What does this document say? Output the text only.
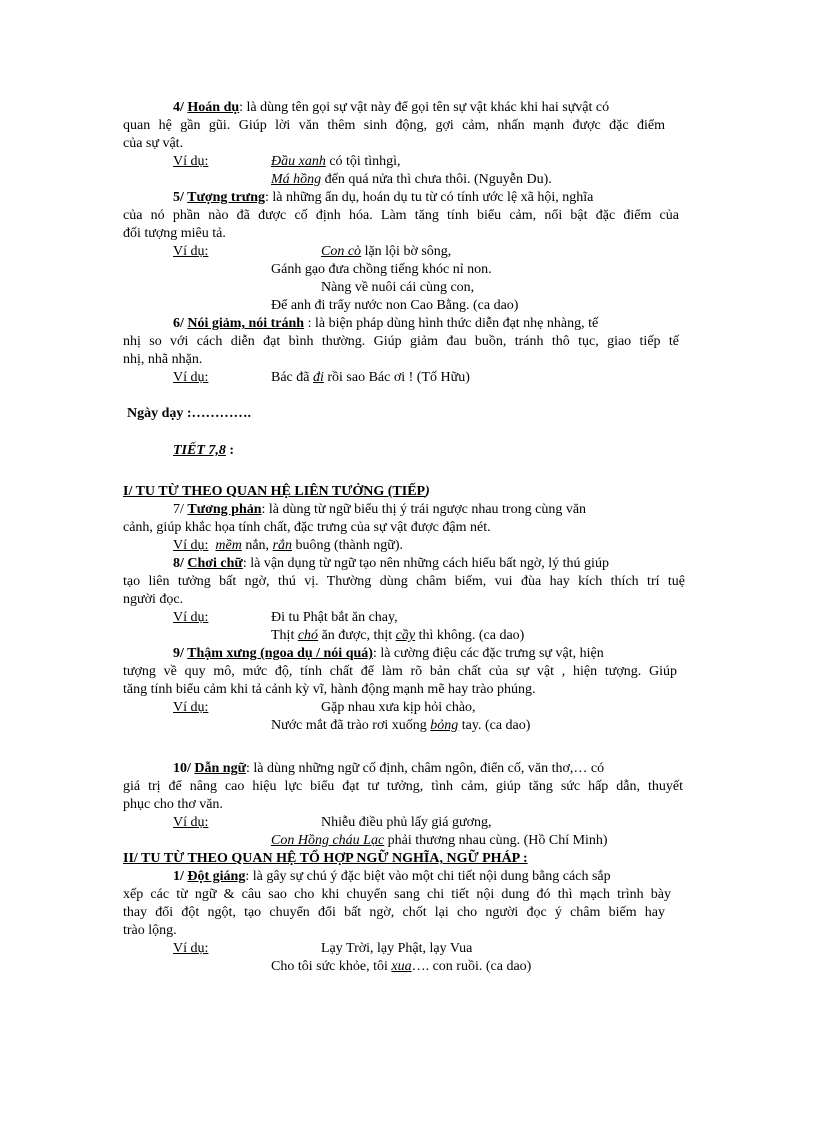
4/ Hoán dụ: là dùng tên gọi sự vật này để gọi tên sự vật khác khi hai sựvật có
quan hệ gần gũi. Giúp lời văn thêm sinh động, gợi cảm, nhấn mạnh được đặc điểm
của sự vật.
Ví dụ:	Đầu xanh có tội tìnhgì,
Má hồng đến quá nửa thì chưa thôi. (Nguyễn Du).
5/ Tượng trưng: là những ẩn dụ, hoán dụ tu từ có tính ước lệ xã hội, nghĩa
của nó phần nào đã được cố định hóa. Làm tăng tính biểu cảm, nổi bật đặc điểm của
đối tượng miêu tả.
Ví dụ:	Con cò lặn lội bờ sông,
Gánh gạo đưa chồng tiếng khóc nỉ non.
Nàng về nuôi cái cùng con,
Để anh đi trẩy nước non Cao Bằng. (ca dao)
6/ Nói giảm, nói tránh : là biện pháp dùng hình thức diễn đạt nhẹ nhàng, tế
nhị so với cách diễn đạt bình thường. Giúp giảm đau buồn, tránh thô tục, giao tiếp tế
nhị, nhã nhặn.
Ví dụ:	Bác đã đi rồi sao Bác ơi ! (Tố Hữu)
Ngày dạy :………….
TIẾT 7,8 :
I/ TU TỪ THEO QUAN HỆ LIÊN TƯỞNG (TIẾP)
7/ Tương phản: là dùng từ ngữ biểu thị ý trái ngược nhau trong cùng văn
cảnh, giúp khắc họa tính chất, đặc trưng của sự vật được đậm nét.
Ví dụ: mềm nắn, rắn buông (thành ngữ).
8/ Chơi chữ: là vận dụng từ ngữ tạo nên những cách hiểu bất ngờ, lý thú giúp
tạo liên tưởng bất ngờ, thú vị. Thường dùng châm biếm, vui đùa hay kích thích trí tuệ
người đọc.
Ví dụ:	Đi tu Phật bắt ăn chay,
Thịt chó ăn được, thịt cầy thì không. (ca dao)
9/ Thậm xưng (ngoa dụ / nói quá): là cường điệu các đặc trưng sự vật, hiện
tượng về quy mô, mức độ, tính chất để làm rõ bản chất của sự vật , hiện tượng. Giúp
tăng tính biểu cảm khi tả cảnh kỳ vĩ, hành động mạnh mẽ hay trào phúng.
Ví dụ:	Gặp nhau xưa kịp hỏi chào,
Nước mắt đã trào rơi xuống bỏng tay. (ca dao)
10/ Dẫn ngữ: là dùng những ngữ cố định, châm ngôn, điển cố, văn thơ,… có
giá trị để nâng cao hiệu lực biểu đạt tư tưởng, tình cảm, giúp tăng sức hấp dẫn, thuyết
phục cho thơ văn.
Ví dụ:	Nhiễu điều phủ lấy giá gương,
Con Hồng cháu Lạc phải thương nhau cùng. (Hồ Chí Minh)
II/ TU TỪ THEO QUAN HỆ TỔ HỢP NGỮ NGHĨA, NGỮ PHÁP :
1/ Đột giáng: là gây sự chú ý đặc biệt vào một chi tiết nội dung bằng cách sắp
xếp các từ ngữ & câu sao cho khi chuyển sang chi tiết nội dung đó thì mạch trình bày
thay đổi đột ngột, tạo chuyển đổi bất ngờ, chốt lại cho người đọc ý châm biếm hay
trào lộng.
Ví dụ:	Lạy Trời, lạy Phật, lạy Vua
Cho tôi sức khỏe, tôi xua…. con ruồi. (ca dao)
